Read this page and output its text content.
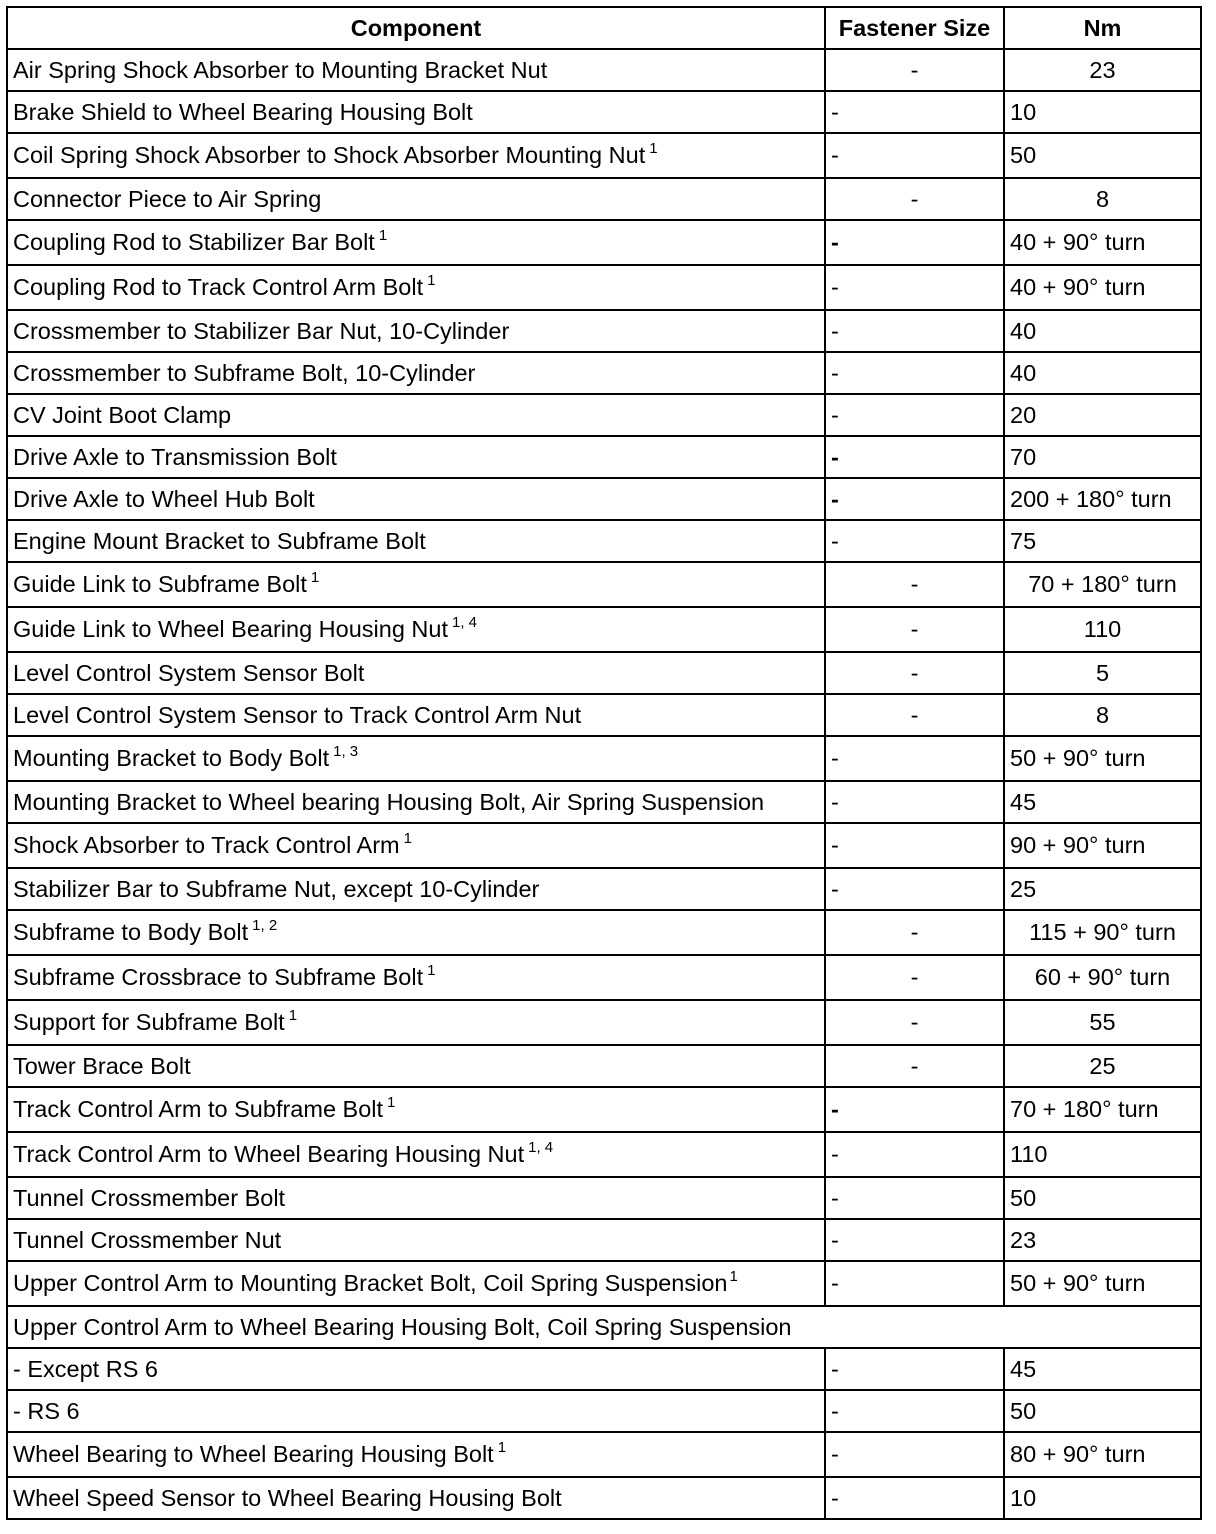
Component	Fastener Size	Nm
Air Spring Shock Absorber to Mounting Bracket Nut	-	23
Brake Shield to Wheel Bearing Housing Bolt	-	10
Coil Spring Shock Absorber to Shock Absorber Mounting Nut $^1$	-	50
Connector Piece to Air Spring	-	8
Coupling Rod to Stabilizer Bar Bolt $^1$	-	40 + 90° turn
Coupling Rod to Track Control Arm Bolt $^1$	-	40 + 90° turn
Crossmember to Stabilizer Bar Nut, 10-Cylinder	-	40
Crossmember to Subframe Bolt, 10-Cylinder	-	40
CV Joint Boot Clamp	-	20
Drive Axle to Transmission Bolt	-	70
Drive Axle to Wheel Hub Bolt	-	200 + 180° turn
Engine Mount Bracket to Subframe Bolt	-	75
Guide Link to Subframe Bolt $^1$	-	70 + 180° turn
Guide Link to Wheel Bearing Housing Nut $^{1, 4}$	-	110
Level Control System Sensor Bolt	-	5
Level Control System Sensor to Track Control Arm Nut	-	8
Mounting Bracket to Body Bolt $^{1, 3}$	-	50 + 90° turn
Mounting Bracket to Wheel bearing Housing Bolt, Air Spring Suspension	-	45
Shock Absorber to Track Control Arm $^1$	-	90 + 90° turn
Stabilizer Bar to Subframe Nut, except 10-Cylinder	-	25
Subframe to Body Bolt $^{1, 2}$	-	115 + 90° turn
Subframe Crossbrace to Subframe Bolt $^1$	-	60 + 90° turn
Support for Subframe Bolt $^1$	-	55
Tower Brace Bolt	-	25
Track Control Arm to Subframe Bolt $^1$	-	70 + 180° turn
Track Control Arm to Wheel Bearing Housing Nut $^{1, 4}$	-	110
Tunnel Crossmember Bolt	-	50
Tunnel Crossmember Nut	-	23
Upper Control Arm to Mounting Bracket Bolt, Coil Spring Suspension $^1$	-	50 + 90° turn
Upper Control Arm to Wheel Bearing Housing Bolt, Coil Spring Suspension		
- Except RS 6	-	45
- RS 6	-	50
Wheel Bearing to Wheel Bearing Housing Bolt $^1$	-	80 + 90° turn
Wheel Speed Sensor to Wheel Bearing Housing Bolt	-	10
